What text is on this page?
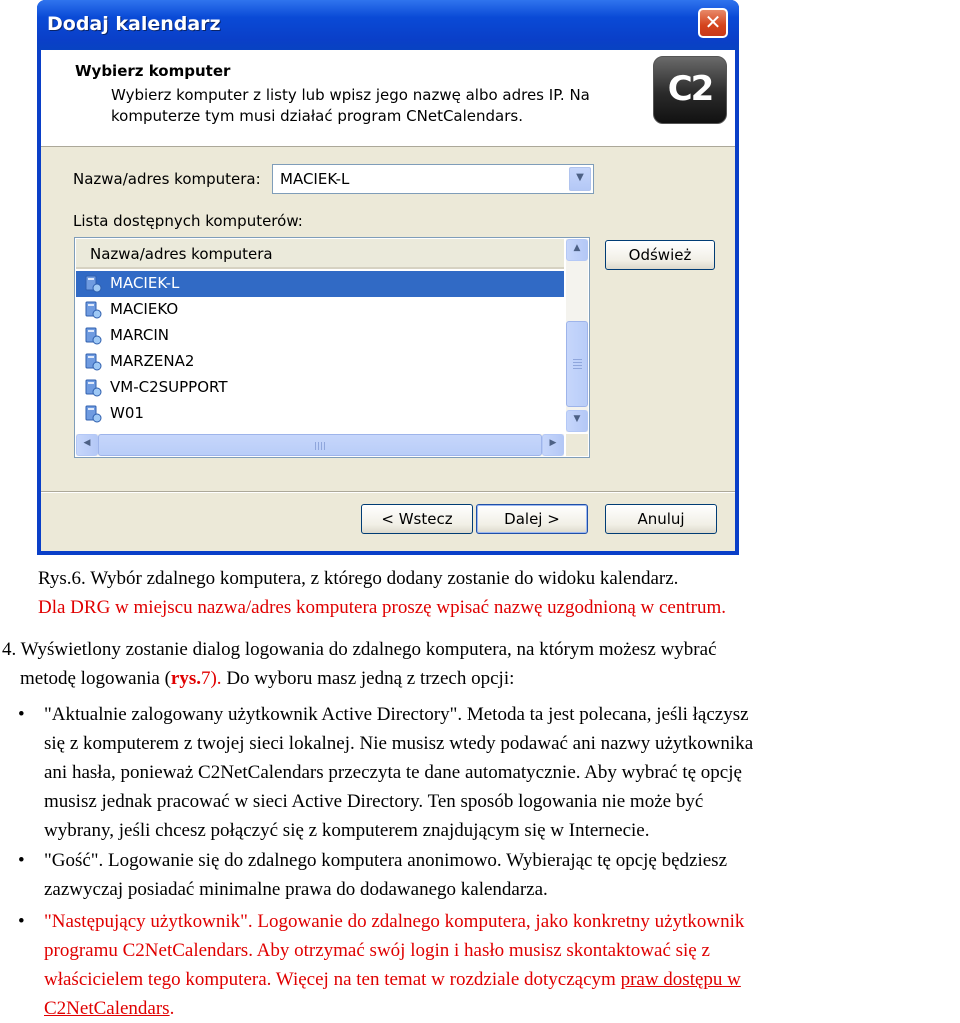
Dodaj kalendarz	✕
Wybierz komputer
Wybierz komputer z listy lub wpisz jego nazwę albo adres IP. Na
komputerze tym musi działać program CNetCalendars.
C2
Nazwa/adres komputera: MACIEK-L	▼
Lista dostępnych komputerów:
Nazwa/adres komputera
MACIEK-L
MACIEKO
MARCIN
MARZENA2
VM-C2SUPPORT
W01
▲
▼
◀	▶
Odśwież
< Wstecz	Dalej >	Anuluj
Rys.6. Wybór zdalnego komputera, z którego dodany zostanie do widoku kalendarz.
Dla DRG w miejscu nazwa/adres komputera proszę wpisać nazwę uzgodnioną w centrum.
4. Wyświetlony zostanie dialog logowania do zdalnego komputera, na którym możesz wybrać
metodę logowania (rys.7). Do wyboru masz jedną z trzech opcji:
• "Aktualnie zalogowany użytkownik Active Directory". Metoda ta jest polecana, jeśli łączysz
się z komputerem z twojej sieci lokalnej. Nie musisz wtedy podawać ani nazwy użytkownika
ani hasła, ponieważ C2NetCalendars przeczyta te dane automatycznie. Aby wybrać tę opcję
musisz jednak pracować w sieci Active Directory. Ten sposób logowania nie może być
wybrany, jeśli chcesz połączyć się z komputerem znajdującym się w Internecie.
• "Gość". Logowanie się do zdalnego komputera anonimowo. Wybierając tę opcję będziesz
zazwyczaj posiadać minimalne prawa do dodawanego kalendarza.
• "Następujący użytkownik". Logowanie do zdalnego komputera, jako konkretny użytkownik
programu C2NetCalendars. Aby otrzymać swój login i hasło musisz skontaktować się z
właścicielem tego komputera. Więcej na ten temat w rozdziale dotyczącym praw dostępu w
C2NetCalendars.
